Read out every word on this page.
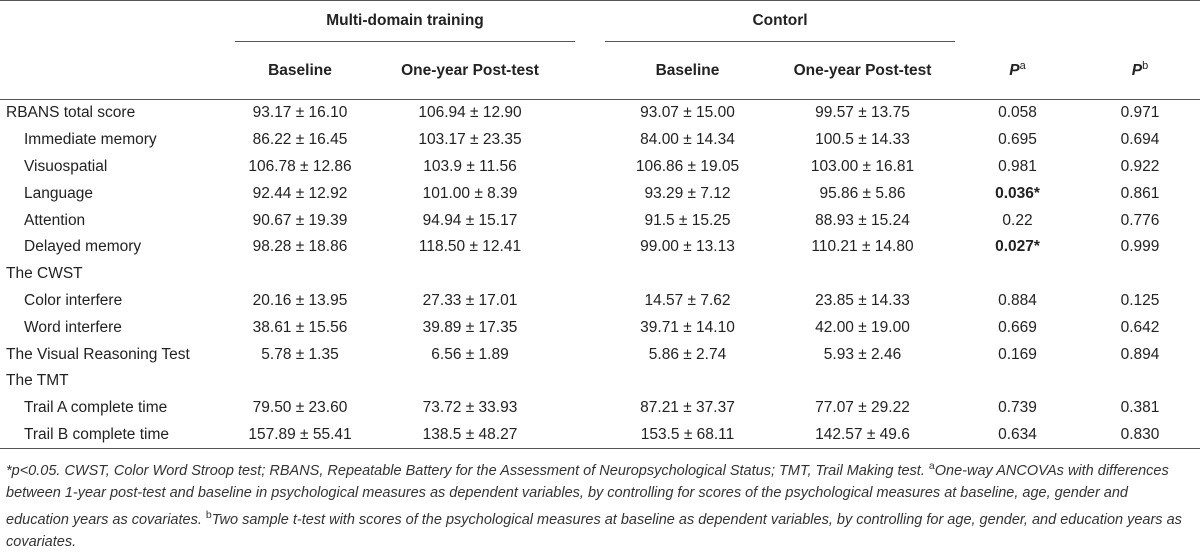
		Multi-domain training			Contorl			

		Baseline	One-year Post-test		Baseline	One-year Post-test	$P^a$	$P^b$

RBANS total score		93.17 ± 16.10	106.94 ± 12.90		93.07 ± 15.00	99.57 ± 13.75	0.058	0.971
Immediate memory		86.22 ± 16.45	103.17 ± 23.35		84.00 ± 14.34	100.5 ± 14.33	0.695	0.694
Visuospatial		106.78 ± 12.86	103.9 ± 11.56		106.86 ± 19.05	103.00 ± 16.81	0.981	0.922
Language		92.44 ± 12.92	101.00 ± 8.39		93.29 ± 7.12	95.86 ± 5.86	0.036*	0.861
Attention		90.67 ± 19.39	94.94 ± 15.17		91.5 ± 15.25	88.93 ± 15.24	0.22	0.776
Delayed memory		98.28 ± 18.86	118.50 ± 12.41		99.00 ± 13.13	110.21 ± 14.80	0.027*	0.999
The CWST								
Color interfere		20.16 ± 13.95	27.33 ± 17.01		14.57 ± 7.62	23.85 ± 14.33	0.884	0.125
Word interfere		38.61 ± 15.56	39.89 ± 17.35		39.71 ± 14.10	42.00 ± 19.00	0.669	0.642
The Visual Reasoning Test		5.78 ± 1.35	6.56 ± 1.89		5.86 ± 2.74	5.93 ± 2.46	0.169	0.894
The TMT								
Trail A complete time		79.50 ± 23.60	73.72 ± 33.93		87.21 ± 37.37	77.07 ± 29.22	0.739	0.381
Trail B complete time		157.89 ± 55.41	138.5 ± 48.27		153.5 ± 68.11	142.57 ± 49.6	0.634	0.830

*p<0.05. CWST, Color Word Stroop test; RBANS, Repeatable Battery for the Assessment of Neuropsychological Status; TMT, Trail Making test. $^a$One-way ANCOVAs with differences between 1-year post-test and baseline in psychological measures as dependent variables, by controlling for scores of the psychological measures at baseline, age, gender and education years as covariates. $^b$Two sample t-test with scores of the psychological measures at baseline as dependent variables, by controlling for age, gender, and education years as covariates.
